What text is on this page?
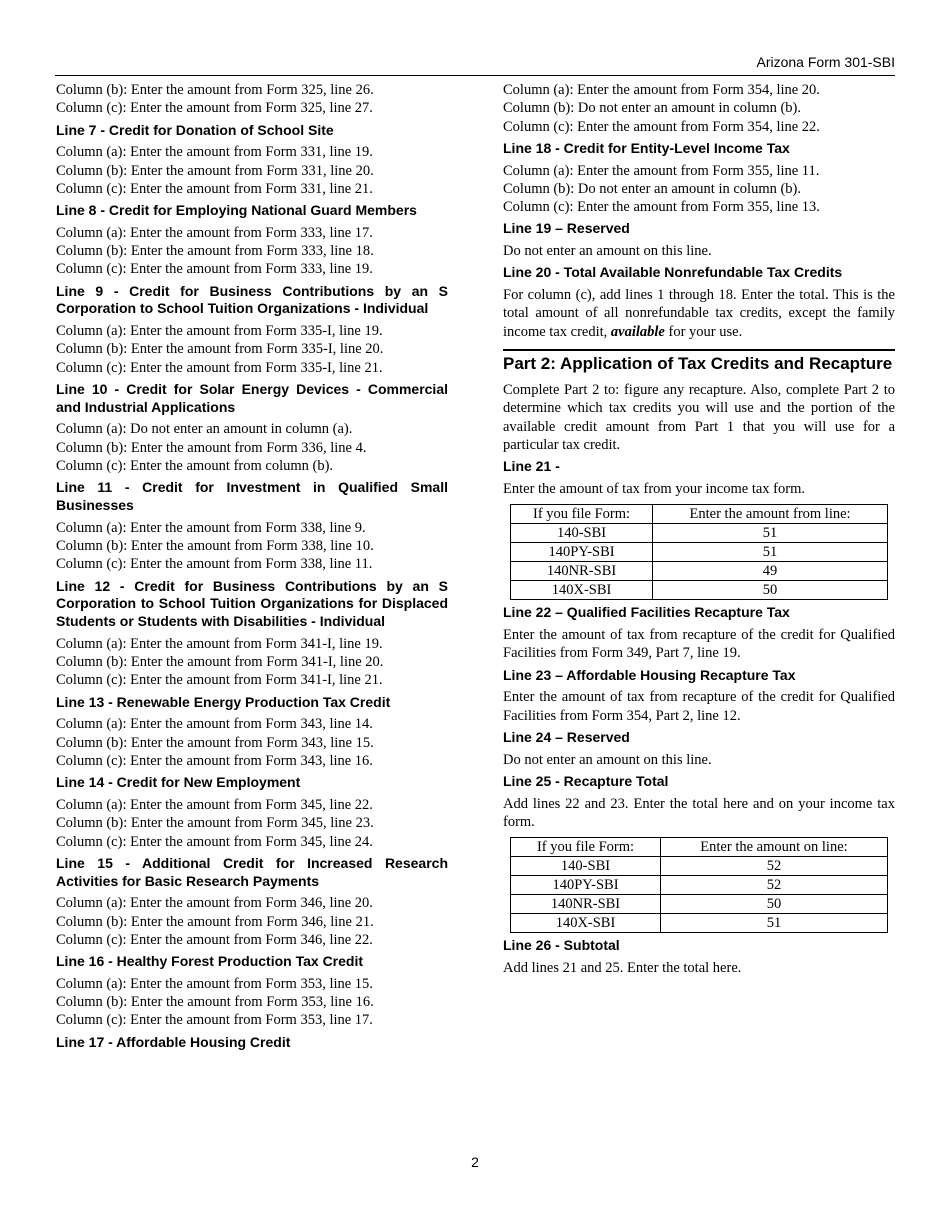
Arizona Form 301-SBI
Column (b): Enter the amount from Form 325, line 26.
Column (c): Enter the amount from Form 325, line 27.
Line 7 - Credit for Donation of School Site
Column (a): Enter the amount from Form 331, line 19.
Column (b): Enter the amount from Form 331, line 20.
Column (c): Enter the amount from Form 331, line 21.
Line 8 - Credit for Employing National Guard Members
Column (a): Enter the amount from Form 333, line 17.
Column (b): Enter the amount from Form 333, line 18.
Column (c): Enter the amount from Form 333, line 19.
Line 9 - Credit for Business Contributions by an S Corporation to School Tuition Organizations - Individual
Column (a): Enter the amount from Form 335-I, line 19.
Column (b): Enter the amount from Form 335-I, line 20.
Column (c): Enter the amount from Form 335-I, line 21.
Line 10 - Credit for Solar Energy Devices - Commercial and Industrial Applications
Column (a): Do not enter an amount in column (a).
Column (b): Enter the amount from Form 336, line 4.
Column (c): Enter the amount from column (b).
Line 11 - Credit for Investment in Qualified Small Businesses
Column (a): Enter the amount from Form 338, line 9.
Column (b): Enter the amount from Form 338, line 10.
Column (c): Enter the amount from Form 338, line 11.
Line 12 - Credit for Business Contributions by an S Corporation to School Tuition Organizations for Displaced Students or Students with Disabilities - Individual
Column (a): Enter the amount from Form 341-I, line 19.
Column (b): Enter the amount from Form 341-I, line 20.
Column (c): Enter the amount from Form 341-I, line 21.
Line 13 - Renewable Energy Production Tax Credit
Column (a): Enter the amount from Form 343, line 14.
Column (b): Enter the amount from Form 343, line 15.
Column (c): Enter the amount from Form 343, line 16.
Line 14 - Credit for New Employment
Column (a): Enter the amount from Form 345, line 22.
Column (b): Enter the amount from Form 345, line 23.
Column (c): Enter the amount from Form 345, line 24.
Line 15 - Additional Credit for Increased Research Activities for Basic Research Payments
Column (a): Enter the amount from Form 346, line 20.
Column (b): Enter the amount from Form 346, line 21.
Column (c): Enter the amount from Form 346, line 22.
Line 16 - Healthy Forest Production Tax Credit
Column (a): Enter the amount from Form 353, line 15.
Column (b): Enter the amount from Form 353, line 16.
Column (c): Enter the amount from Form 353, line 17.
Line 17 - Affordable Housing Credit
Column (a): Enter the amount from Form 354, line 20.
Column (b): Do not enter an amount in column (b).
Column (c): Enter the amount from Form 354, line 22.
Line 18 - Credit for Entity-Level Income Tax
Column (a): Enter the amount from Form 355, line 11.
Column (b): Do not enter an amount in column (b).
Column (c): Enter the amount from Form 355, line 13.
Line 19 – Reserved
Do not enter an amount on this line.
Line 20 - Total Available Nonrefundable Tax Credits
For column (c), add lines 1 through 18. Enter the total. This is the total amount of all nonrefundable tax credits, except the family income tax credit, available for your use.
Part 2: Application of Tax Credits and Recapture
Complete Part 2 to: figure any recapture. Also, complete Part 2 to determine which tax credits you will use and the portion of the available credit amount from Part 1 that you will use for a particular tax credit.
Line 21 -
Enter the amount of tax from your income tax form.
If you file Form:	Enter the amount from line:
140-SBI	51
140PY-SBI	51
140NR-SBI	49
140X-SBI	50
Line 22 – Qualified Facilities Recapture Tax
Enter the amount of tax from recapture of the credit for Qualified Facilities from Form 349, Part 7, line 19.
Line 23 – Affordable Housing Recapture Tax
Enter the amount of tax from recapture of the credit for Qualified Facilities from Form 354, Part 2, line 12.
Line 24 – Reserved
Do not enter an amount on this line.
Line 25 - Recapture Total
Add lines 22 and 23. Enter the total here and on your income tax form.
If you file Form:	Enter the amount on line:
140-SBI	52
140PY-SBI	52
140NR-SBI	50
140X-SBI	51
Line 26 - Subtotal
Add lines 21 and 25. Enter the total here.
2
